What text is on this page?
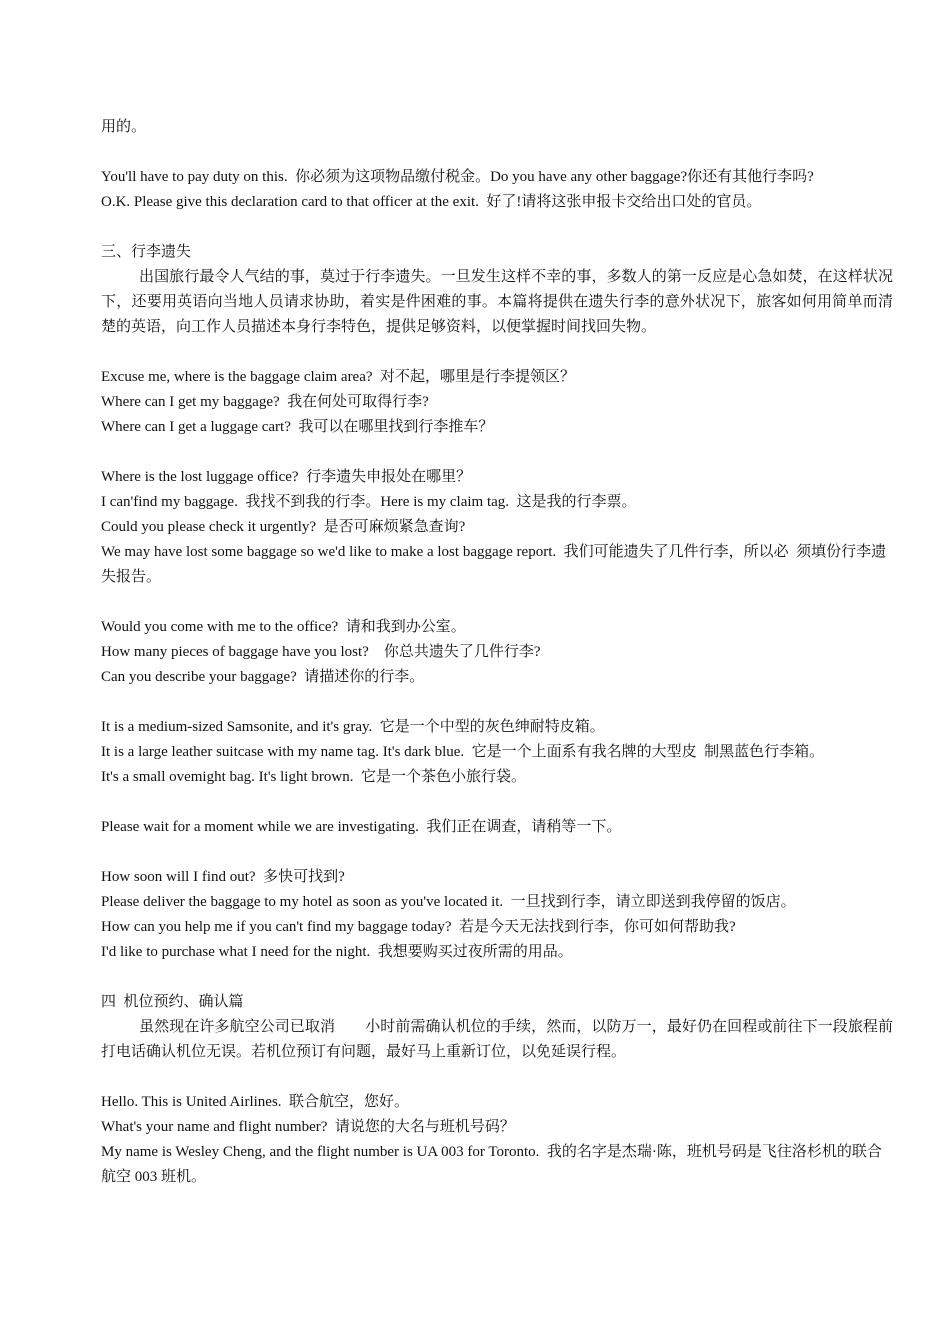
用的。
You'll have to pay duty on this.  你必须为这项物品缴付税金。Do you have any other baggage?你还有其他行李吗?
O.K. Please give this declaration card to that officer at the exit.  好了!请将这张申报卡交给出口处的官员。
三、行李遗失
出国旅行最令人气结的事，莫过于行李遗失。一旦发生这样不幸的事，多数人的第一反应是心急如焚，在这样状况下，还要用英语向当地人员请求协助，着实是件困难的事。本篇将提供在遗失行李的意外状况下，旅客如何用简单而清楚的英语，向工作人员描述本身行李特色，提供足够资料，以便掌握时间找回失物。
Excuse me, where is the baggage claim area?  对不起，哪里是行李提领区？
Where can I get my baggage?  我在何处可取得行李?
Where can I get a luggage cart?  我可以在哪里找到行李推车？
Where is the lost luggage office?  行李遗失申报处在哪里？
I can'find my baggage.  我找不到我的行李。Here is my claim tag.  这是我的行李票。
Could you please check it urgently?  是否可麻烦紧急查询?
We may have lost some baggage so we'd like to make a lost baggage report.  我们可能遗失了几件行李，所以必  须填份行李遗失报告。
Would you come with me to the office?  请和我到办公室。
How many pieces of baggage have you lost?    你总共遗失了几件行李?
Can you describe your baggage?  请描述你的行李。
It is a medium-sized Samsonite, and it's gray.  它是一个中型的灰色绅耐特皮箱。
It is a large leather suitcase with my name tag. It's dark blue.  它是一个上面系有我名牌的大型皮  制黑蓝色行李箱。
It's a small ovemight bag. It's light brown.  它是一个茶色小旅行袋。
Please wait for a moment while we are investigating.  我们正在调查，请稍等一下。
How soon will I find out?  多快可找到?
Please deliver the baggage to my hotel as soon as you've located it.  一旦找到行李，请立即送到我停留的饭店。
How can you help me if you can't find my baggage today?  若是今天无法找到行李，你可如何帮助我?
I'd like to purchase what I need for the night.  我想要购买过夜所需的用品。
四  机位预约、确认篇
虽然现在许多航空公司已取消　　小时前需确认机位的手续，然而，以防万一，最好仍在回程或前往下一段旅程前打电话确认机位无误。若机位预订有问题，最好马上重新订位，以免延误行程。
Hello. This is United Airlines.  联合航空，您好。
What's your name and flight number?  请说您的大名与班机号码？
My name is Wesley Cheng, and the flight number is UA 003 for Toronto.  我的名字是杰瑞·陈，班机号码是飞往洛杉机的联合航空 003 班机。
